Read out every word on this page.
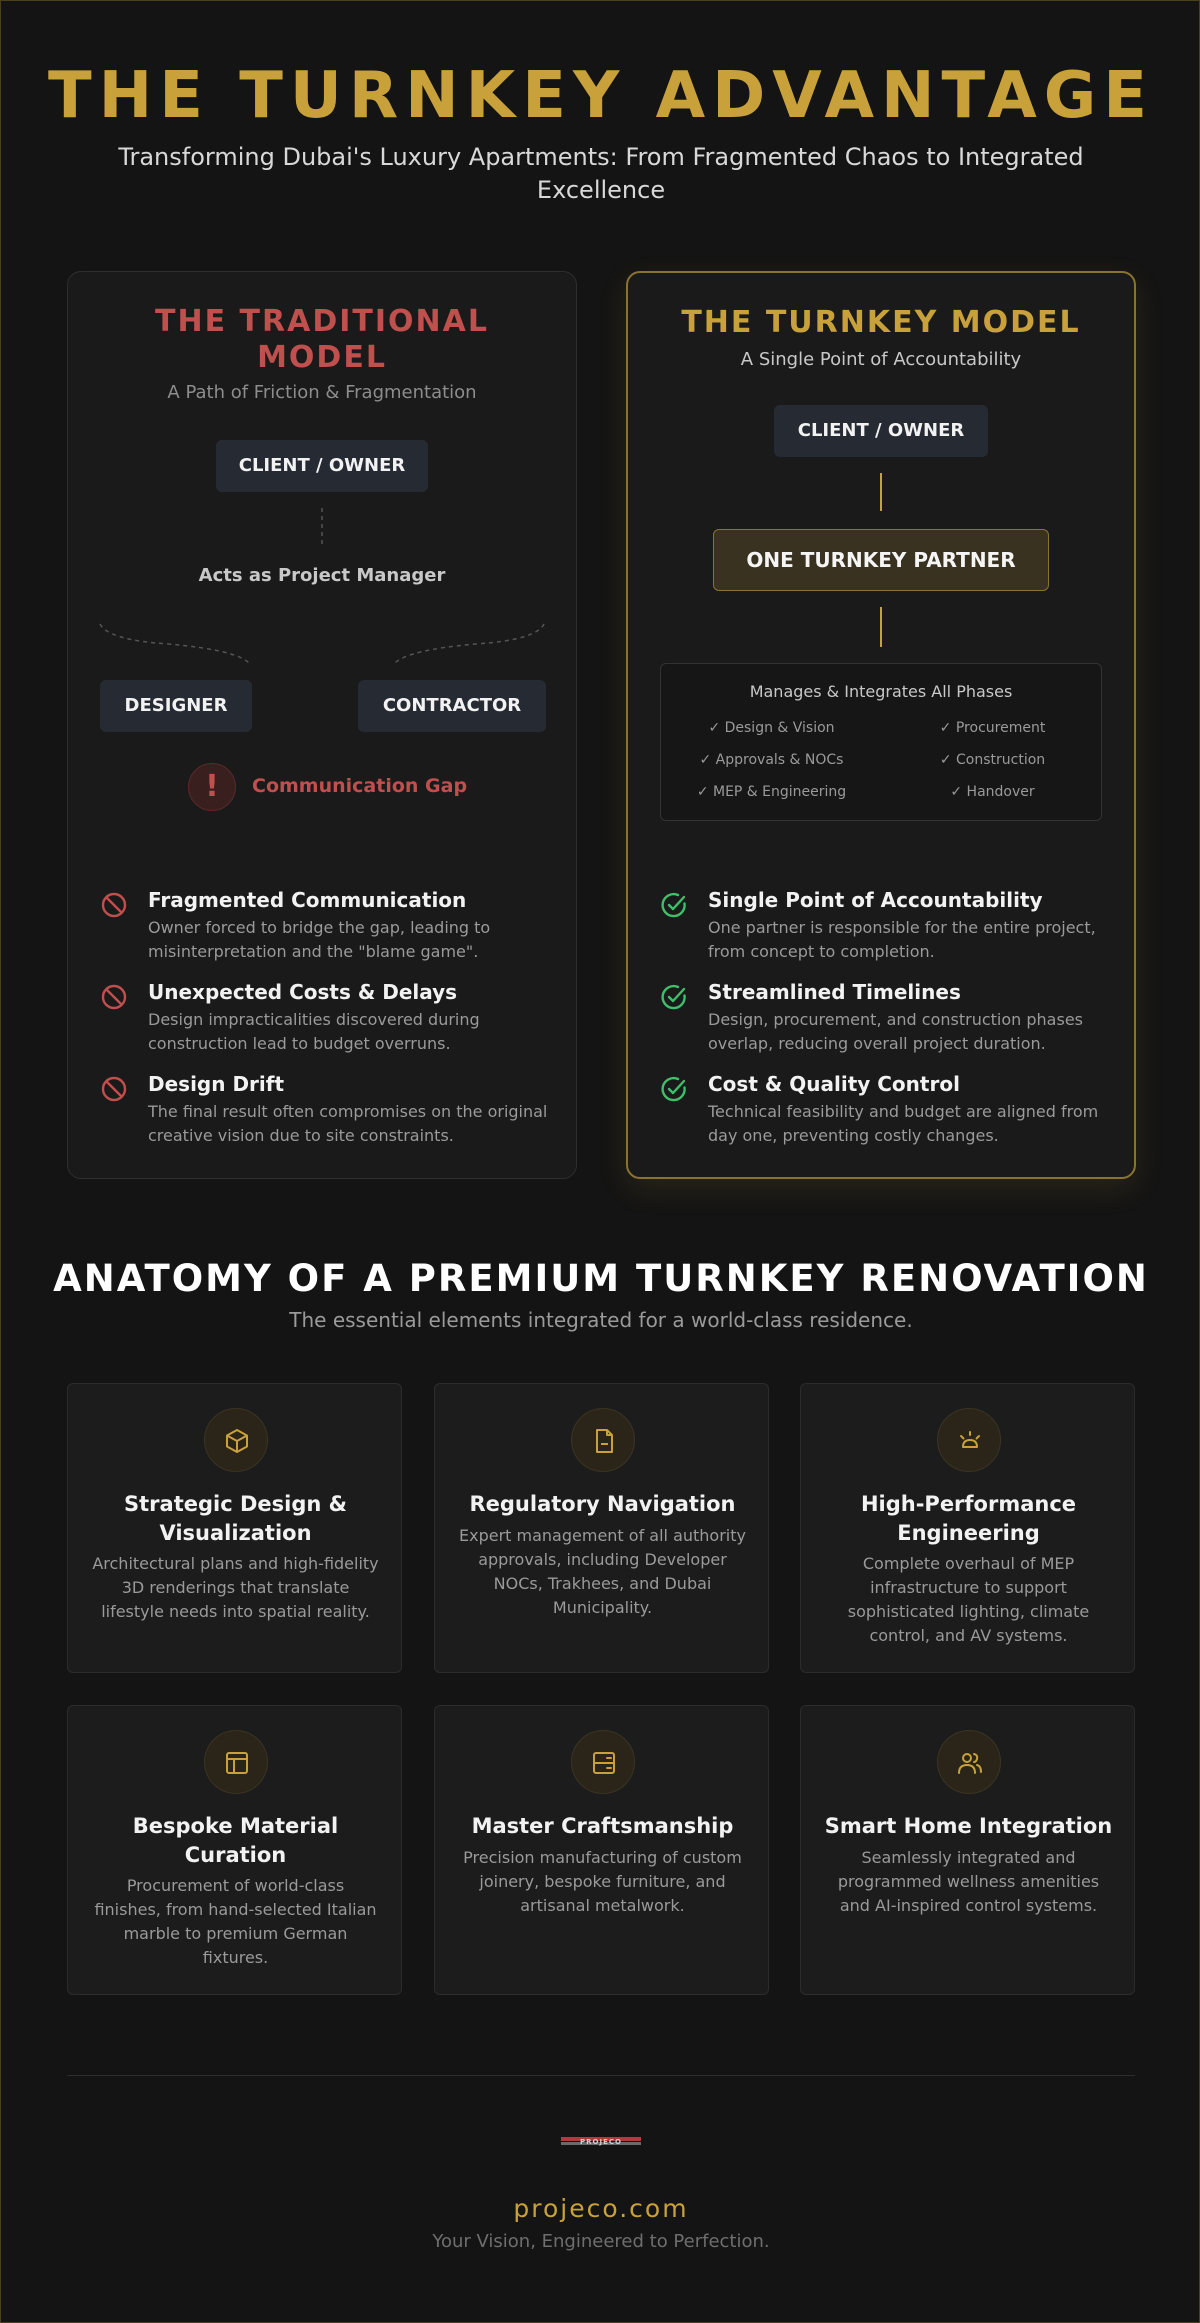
THE TURNKEY ADVANTAGE
Transforming Dubai's Luxury Apartments: From Fragmented Chaos to Integrated Excellence
THE TRADITIONAL MODEL
A Path of Friction & Fragmentation
CLIENT / OWNER
Acts as Project Manager
DESIGNER	CONTRACTOR
!	Communication Gap
Fragmented Communication
Owner forced to bridge the gap, leading to misinterpretation and the "blame game".
Unexpected Costs & Delays
Design impracticalities discovered during construction lead to budget overruns.
Design Drift
The final result often compromises on the original creative vision due to site constraints.
THE TURNKEY MODEL
A Single Point of Accountability
CLIENT / OWNER
ONE TURNKEY PARTNER
Manages & Integrates All Phases
✓ Design & Vision	✓ Procurement
✓ Approvals & NOCs	✓ Construction
✓ MEP & Engineering	✓ Handover
Single Point of Accountability
One partner is responsible for the entire project, from concept to completion.
Streamlined Timelines
Design, procurement, and construction phases overlap, reducing overall project duration.
Cost & Quality Control
Technical feasibility and budget are aligned from day one, preventing costly changes.
ANATOMY OF A PREMIUM TURNKEY RENOVATION
The essential elements integrated for a world-class residence.
Strategic Design & Visualization
Architectural plans and high-fidelity 3D renderings that translate lifestyle needs into spatial reality.
Regulatory Navigation
Expert management of all authority approvals, including Developer NOCs, Trakhees, and Dubai Municipality.
High-Performance Engineering
Complete overhaul of MEP infrastructure to support sophisticated lighting, climate control, and AV systems.
Bespoke Material Curation
Procurement of world-class finishes, from hand-selected Italian marble to premium German fixtures.
Master Craftsmanship
Precision manufacturing of custom joinery, bespoke furniture, and artisanal metalwork.
Smart Home Integration
Seamlessly integrated and programmed wellness amenities and AI-inspired control systems.
PROJECO
projeco.com
Your Vision, Engineered to Perfection.
